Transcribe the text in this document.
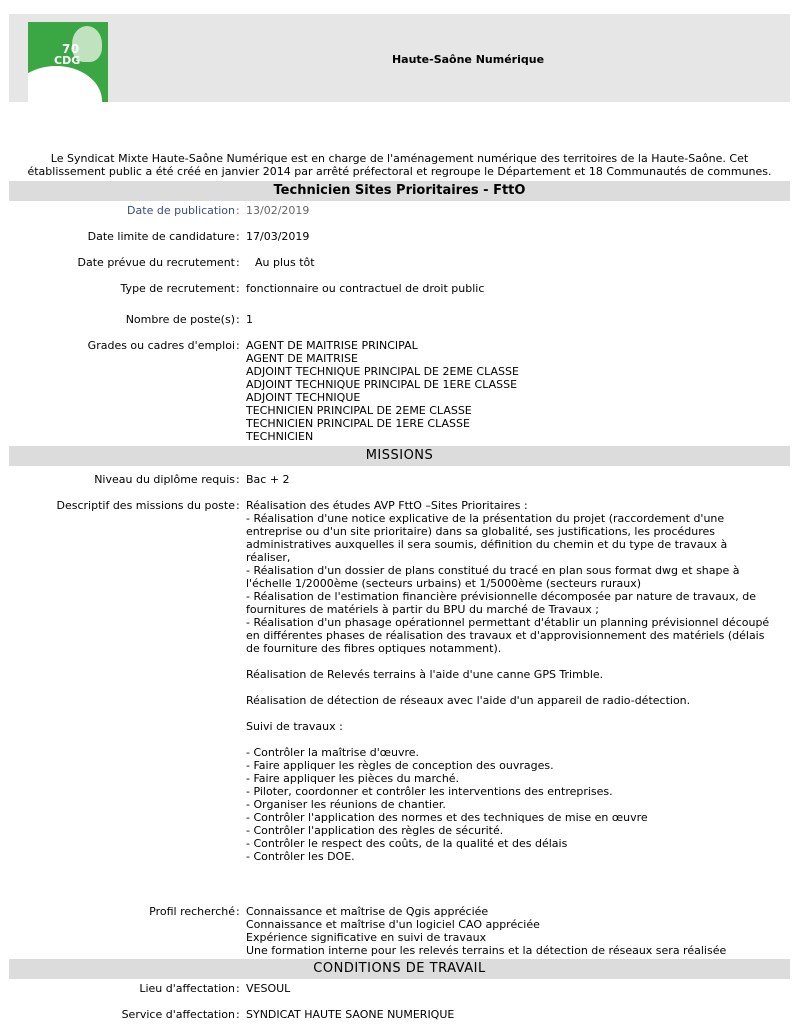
70
CDG	Haute-Saône Numérique
Le Syndicat Mixte Haute-Saône Numérique est en charge de l'aménagement numérique des territoires de la Haute-Saône. Cet
établissement public a été créé en janvier 2014 par arrêté préfectoral et regroupe le Département et 18 Communautés de communes.
Technicien Sites Prioritaires - FttO
Date de publication : 13/02/2019
Date limite de candidature : 17/03/2019
Date prévue du recrutement : Au plus tôt
Type de recrutement : fonctionnaire ou contractuel de droit public
Nombre de poste(s) : 1
Grades ou cadres d'emploi : AGENT DE MAITRISE PRINCIPAL
AGENT DE MAITRISE
ADJOINT TECHNIQUE PRINCIPAL DE 2EME CLASSE
ADJOINT TECHNIQUE PRINCIPAL DE 1ERE CLASSE
ADJOINT TECHNIQUE
TECHNICIEN PRINCIPAL DE 2EME CLASSE
TECHNICIEN PRINCIPAL DE 1ERE CLASSE
TECHNICIEN
MISSIONS
Niveau du diplôme requis : Bac + 2
Descriptif des missions du poste : Réalisation des études AVP FttO –Sites Prioritaires :
- Réalisation d'une notice explicative de la présentation du projet (raccordement d'une
entreprise ou d'un site prioritaire) dans sa globalité, ses justifications, les procédures
administratives auxquelles il sera soumis, définition du chemin et du type de travaux à
réaliser,
- Réalisation d'un dossier de plans constitué du tracé en plan sous format dwg et shape à
l'échelle 1/2000ème (secteurs urbains) et 1/5000ème (secteurs ruraux)
- Réalisation de l'estimation financière prévisionnelle décomposée par nature de travaux, de
fournitures de matériels à partir du BPU du marché de Travaux ;
- Réalisation d'un phasage opérationnel permettant d'établir un planning prévisionnel découpé
en différentes phases de réalisation des travaux et d'approvisionnement des matériels (délais
de fourniture des fibres optiques notamment).
Réalisation de Relevés terrains à l'aide d'une canne GPS Trimble.
Réalisation de détection de réseaux avec l'aide d'un appareil de radio-détection.
Suivi de travaux :
- Contrôler la maîtrise d'œuvre.
- Faire appliquer les règles de conception des ouvrages.
- Faire appliquer les pièces du marché.
- Piloter, coordonner et contrôler les interventions des entreprises.
- Organiser les réunions de chantier.
- Contrôler l'application des normes et des techniques de mise en œuvre
- Contrôler l'application des règles de sécurité.
- Contrôler le respect des coûts, de la qualité et des délais
- Contrôler les DOE.
Profil recherché : Connaissance et maîtrise de Qgis appréciée
Connaissance et maîtrise d'un logiciel CAO appréciée
Expérience significative en suivi de travaux
Une formation interne pour les relevés terrains et la détection de réseaux sera réalisée
CONDITIONS DE TRAVAIL
Lieu d'affectation : VESOUL
Service d'affectation : SYNDICAT HAUTE SAONE NUMERIQUE
